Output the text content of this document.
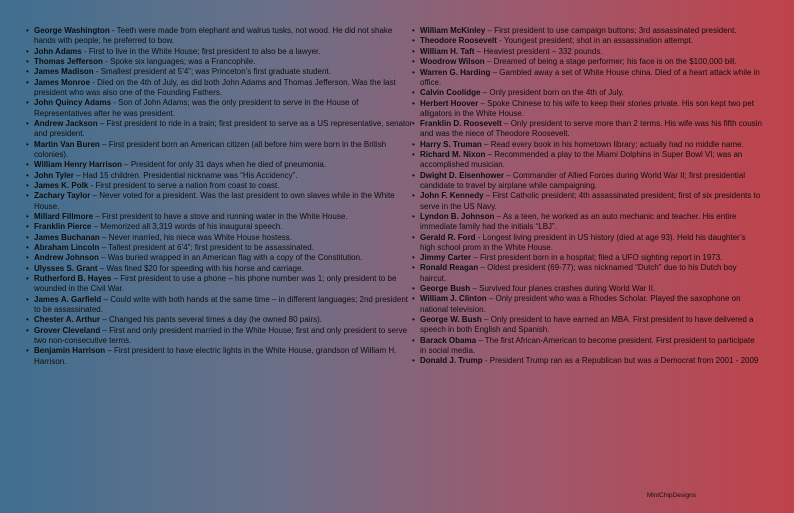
• George Washington - Teeth were made from elephant and walrus tusks, not wood. He did not shake hands with people; he preferred to bow.
• John Adams - First to live in the White House; first president to also be a lawyer.
• Thomas Jefferson - Spoke six languages; was a Francophile.
• James Madison - Smallest president at 5’4”; was Princeton’s first graduate student.
• James Monroe - Died on the 4th of July, as did both John Adams and Thomas Jefferson. Was the last president who was also one of the Founding Fathers.
• John Quincy Adams - Son of John Adams; was the only president to serve in the House of Representatives after he was president.
• Andrew Jackson – First president to ride in a train; first president to serve as a US representative, senator and president.
• Martin Van Buren – First president born an American citizen (all before him were born in the British colonies).
• William Henry Harrison – President for only 31 days when he died of pneumonia.
• John Tyler – Had 15 children. Presidential nickname was “His Accidency”.
• James K. Polk - First president to serve a nation from coast to coast.
• Zachary Taylor – Never voted for a president. Was the last president to own slaves while in the White House.
• Millard Fillmore – First president to have a stove and running water in the White House.
• Franklin Pierce – Memorized all 3,319 words of his inaugural speech.
• James Buchanan – Never married, his niece was White House hostess.
• Abraham Lincoln – Tallest president at 6’4”; first president to be assassinated.
• Andrew Johnson – Was buried wrapped in an American flag with a copy of the Constitution.
• Ulysses S. Grant – Was fined $20 for speeding with his horse and carriage.
• Rutherford B. Hayes – First president to use a phone – his phone number was 1; only president to be wounded in the Civil War.
• James A. Garfield – Could write with both hands at the same time – in different languages; 2nd president to be assassinated.
• Chester A. Arthur – Changed his pants several times a day (he owned 80 pairs).
• Grover Cleveland – First and only president married in the White House; first and only president to serve two non-consecutive terms.
• Benjamin Harrison – First president to have electric lights in the White House, grandson of William H. Harrison.
• William McKinley – First president to use campaign buttons; 3rd assassinated president.
• Theodore Roosevelt - Youngest president; shot in an assassination attempt.
• William H. Taft – Heaviest president – 332 pounds.
• Woodrow Wilson – Dreamed of being a stage performer; his face is on the $100,000 bill.
• Warren G. Harding – Gambled away a set of White House china. Died of a heart attack while in office.
• Calvin Coolidge – Only president born on the 4th of July.
• Herbert Hoover – Spoke Chinese to his wife to keep their stories private. His son kept two pet alligators in the White House.
• Franklin D. Roosevelt – Only president to serve more than 2 terms. His wife was his fifth cousin and was the niece of Theodore Roosevelt.
• Harry S. Truman – Read every book in his hometown library; actually had no middle name.
• Richard M. Nixon – Recommended a play to the Miami Dolphins in Super Bowl VI; was an accomplished musician.
• Dwight D. Eisenhower – Commander of Allied Forces during World War II; first presidential candidate to travel by airplane while campaigning.
• John F. Kennedy – First Catholic president; 4th assassinated president; first of six presidents to serve in the US Navy.
• Lyndon B. Johnson – As a teen, he worked as an auto mechanic and teacher. His entire immediate family had the initials “LBJ”.
• Gerald R. Ford - Longest living president in US history (died at age 93). Held his daughter’s high school prom in the White House.
• Jimmy Carter – First president born in a hospital; filed a UFO sighting report in 1973.
• Ronald Reagan – Oldest president (69-77); was nicknamed “Dutch” due to his Dutch boy haircut.
• George Bush – Survived four planes crashes during World War II.
• William J. Clinton – Only president who was a Rhodes Scholar. Played the saxophone on national television.
• George W. Bush – Only president to have earned an MBA. First president to have delivered a speech in both English and Spanish.
• Barack Obama – The first African-American to become president. First president to participate in social media.
• Donald J. Trump - President Trump ran as a Republican but was a Democrat from 2001 - 2009
MintChipDesigns
